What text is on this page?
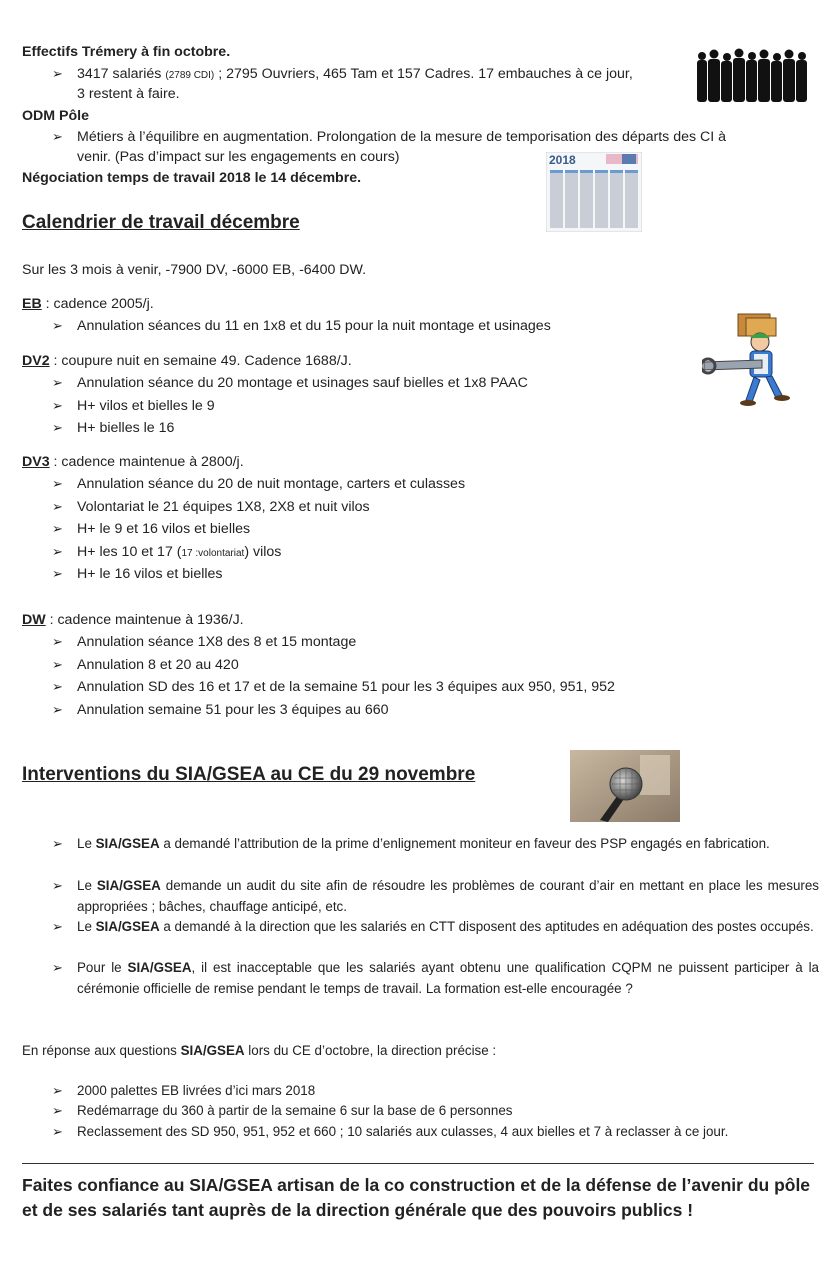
Effectifs Trémery à fin octobre.
➢ 3417 salariés (2789 CDI) ; 2795 Ouvriers, 465 Tam et 157 Cadres. 17 embauches à ce jour,
3 restent à faire.
ODM Pôle
➢ Métiers à l’équilibre en augmentation. Prolongation de la mesure de temporisation des départs des CI à
venir. (Pas d’impact sur les engagements en cours)
Négociation temps de travail 2018 le 14 décembre.
2018
Calendrier de travail décembre
Sur les 3 mois à venir, -7900 DV, -6000 EB, -6400 DW.
EB : cadence 2005/j.
➢ Annulation séances du 11 en 1x8 et du 15 pour la nuit montage et usinages
DV2 : coupure nuit en semaine 49. Cadence 1688/J.
➢ Annulation séance du 20 montage et usinages sauf bielles et 1x8 PAAC
➢ H+ vilos et bielles le 9
➢ H+ bielles le 16
DV3 : cadence maintenue à 2800/j.
➢ Annulation séance du 20 de nuit montage, carters et culasses
➢ Volontariat le 21 équipes 1X8, 2X8 et nuit vilos
➢ H+ le 9 et 16 vilos et bielles
➢ H+ les 10 et 17 (17 :volontariat) vilos
➢ H+ le 16 vilos et bielles
DW : cadence maintenue à 1936/J.
➢ Annulation séance 1X8 des 8 et 15 montage
➢ Annulation 8 et 20 au 420
➢ Annulation SD des 16 et 17 et de la semaine 51 pour les 3 équipes aux 950, 951, 952
➢ Annulation semaine 51 pour les 3 équipes au 660
Interventions du SIA/GSEA au CE du 29 novembre
➢ Le SIA/GSEA a demandé l’attribution de la prime d’enlignement moniteur en faveur des PSP engagés en fabrication.
➢ Le SIA/GSEA demande un audit du site afin de résoudre les problèmes de courant d’air en mettant en place les mesures appropriées ; bâches, chauffage anticipé, etc.
➢ Le SIA/GSEA a demandé à la direction que les salariés en CTT disposent des aptitudes en adéquation des postes occupés.
➢ Pour le SIA/GSEA, il est inacceptable que les salariés ayant obtenu une qualification CQPM ne puissent participer à la cérémonie officielle de remise pendant le temps de travail. La formation est-elle encouragée ?
En réponse aux questions SIA/GSEA lors du CE d’octobre, la direction précise :
➢ 2000 palettes EB livrées d’ici mars 2018
➢ Redémarrage du 360 à partir de la semaine 6 sur la base de 6 personnes
➢ Reclassement des SD 950, 951, 952 et 660 ; 10 salariés aux culasses, 4 aux bielles et 7 à reclasser à ce jour.
Faites confiance au SIA/GSEA artisan de la co construction et de la défense de l’avenir du pôle et de ses salariés tant auprès de la direction générale que des pouvoirs publics !
